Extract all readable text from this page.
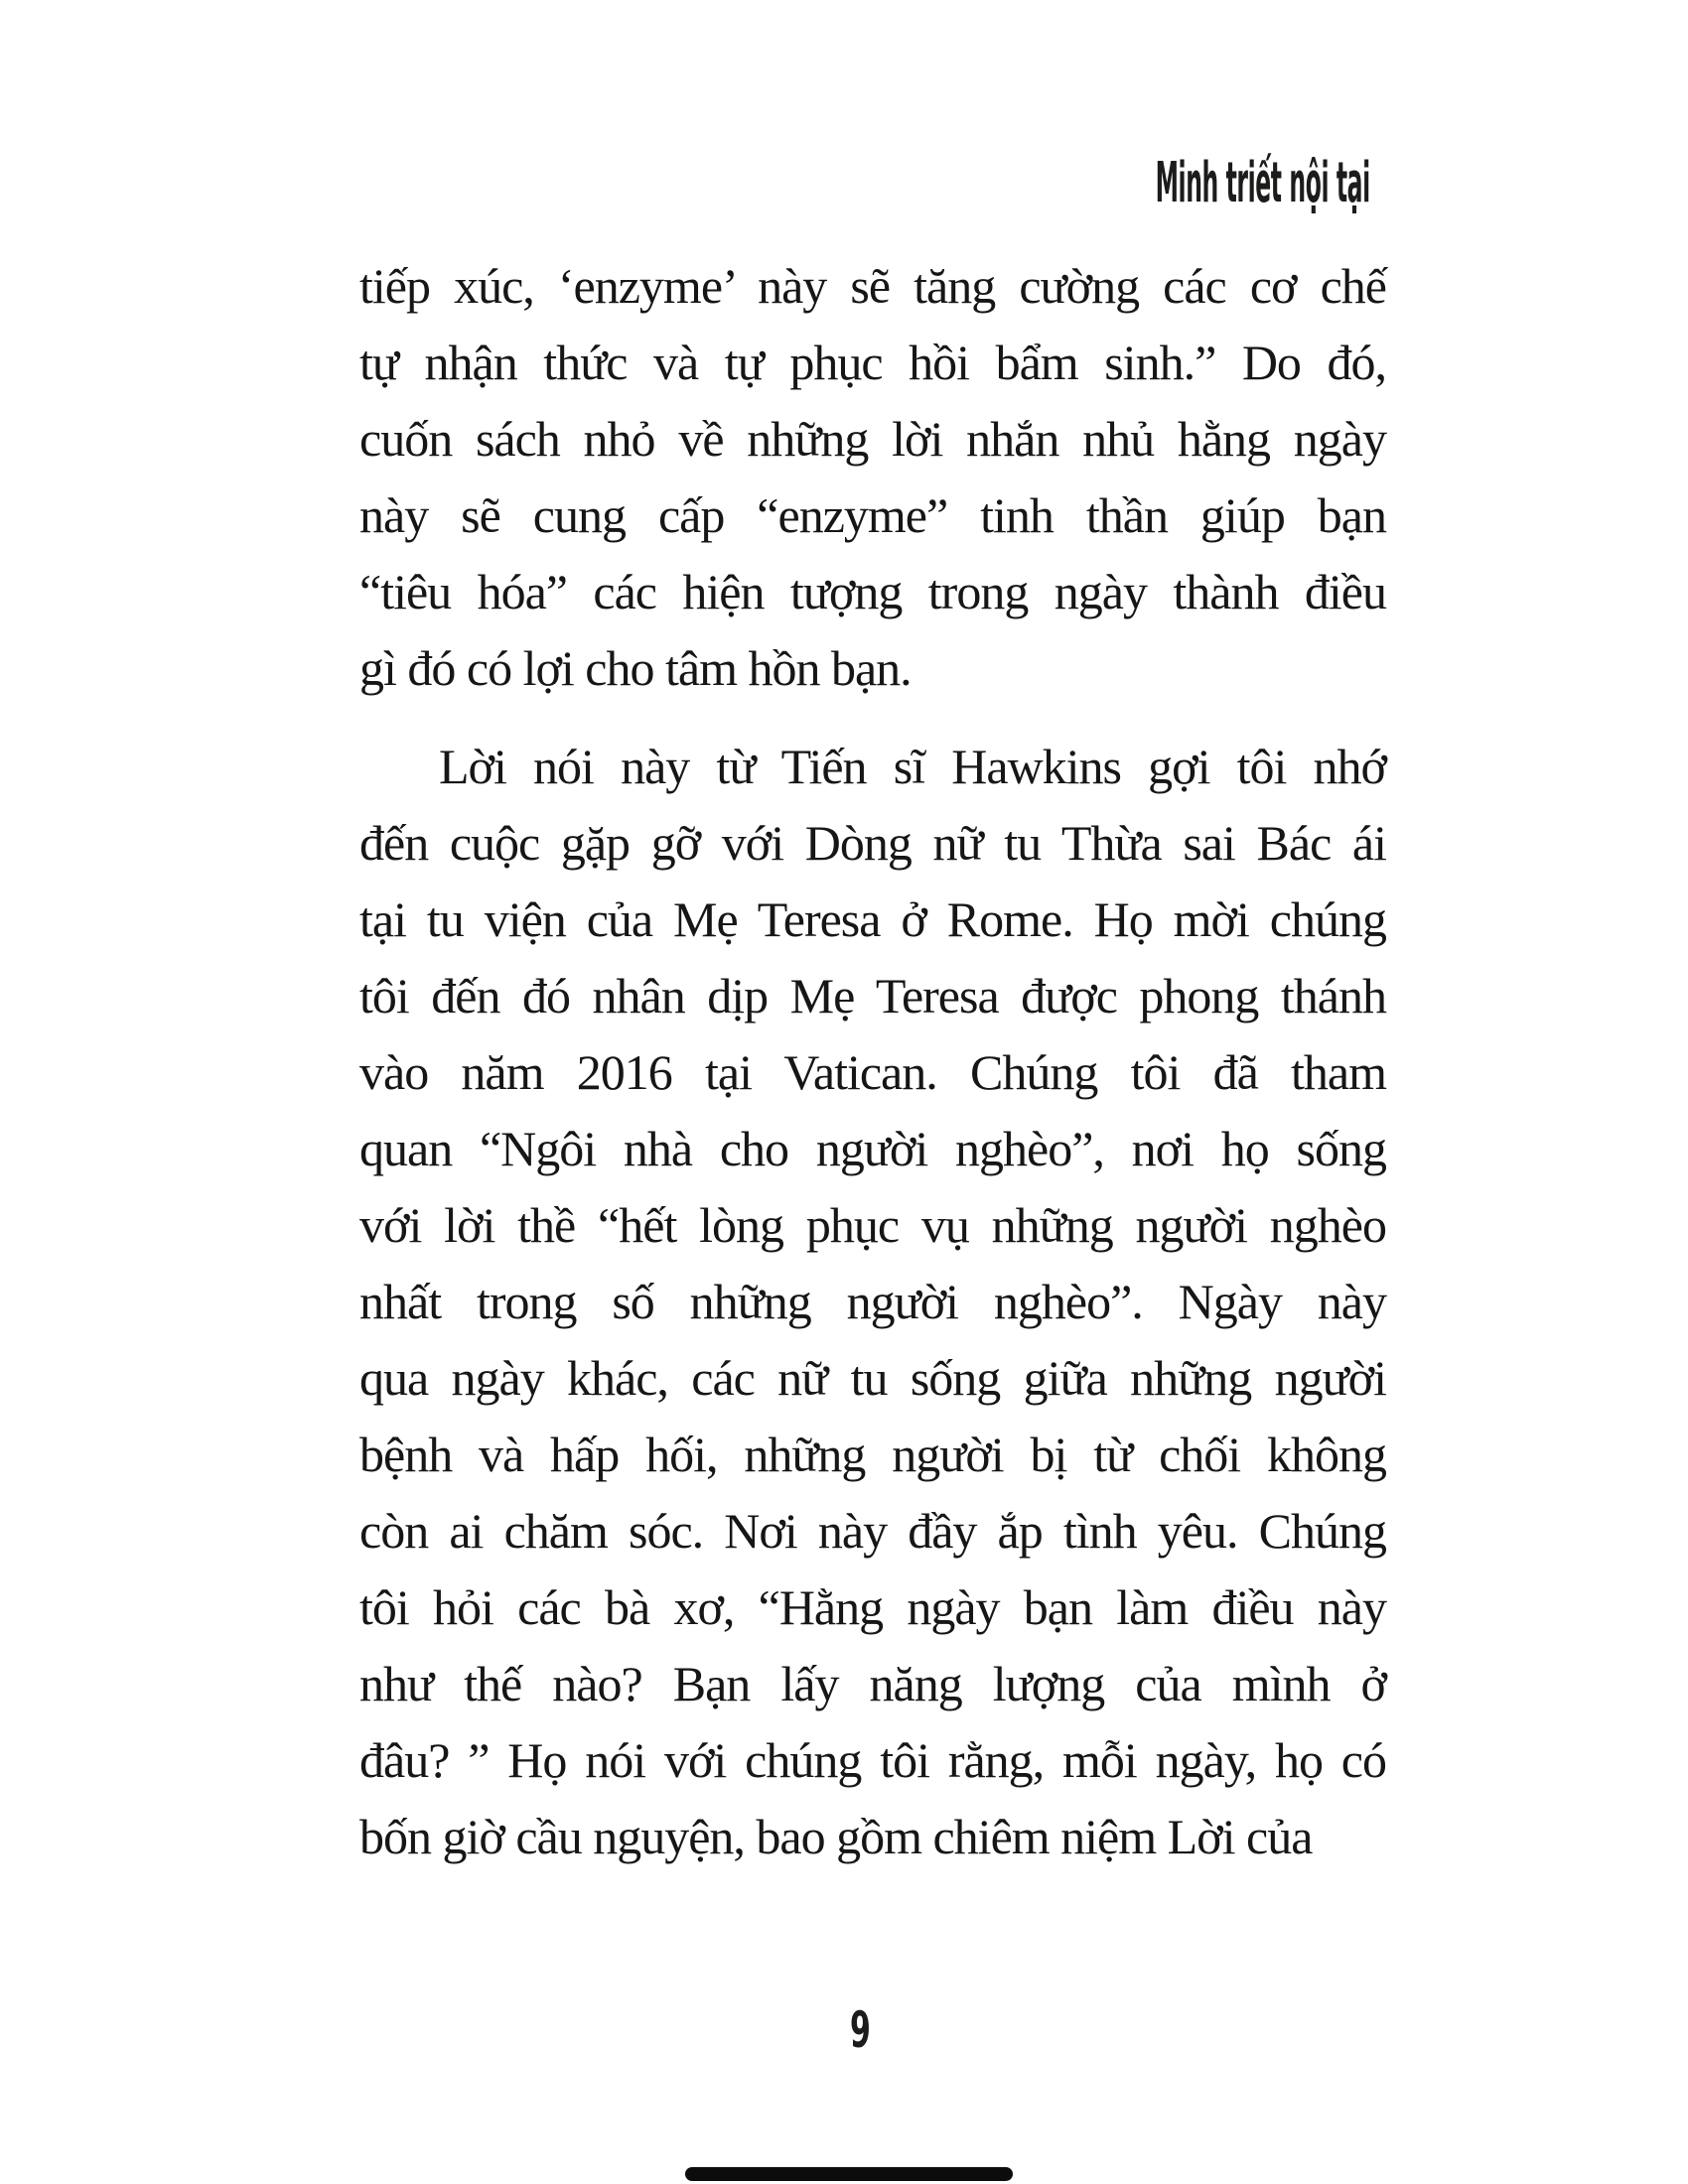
Minh triết nội tại
tiếp xúc, ‘enzyme’ này sẽ tăng cường các cơ chế
tự nhận thức và tự phục hồi bẩm sinh.” Do đó,
cuốn sách nhỏ về những lời nhắn nhủ hằng ngày
này sẽ cung cấp “enzyme” tinh thần giúp bạn
“tiêu hóa” các hiện tượng trong ngày thành điều
gì đó có lợi cho tâm hồn bạn.
Lời nói này từ Tiến sĩ Hawkins gợi tôi nhớ
đến cuộc gặp gỡ với Dòng nữ tu Thừa sai Bác ái
tại tu viện của Mẹ Teresa ở Rome. Họ mời chúng
tôi đến đó nhân dịp Mẹ Teresa được phong thánh
vào năm 2016 tại Vatican. Chúng tôi đã tham
quan “Ngôi nhà cho người nghèo”, nơi họ sống
với lời thề “hết lòng phục vụ những người nghèo
nhất trong số những người nghèo”. Ngày này
qua ngày khác, các nữ tu sống giữa những người
bệnh và hấp hối, những người bị từ chối không
còn ai chăm sóc. Nơi này đầy ắp tình yêu. Chúng
tôi hỏi các bà xơ, “Hằng ngày bạn làm điều này
như thế nào? Bạn lấy năng lượng của mình ở
đâu? ” Họ nói với chúng tôi rằng, mỗi ngày, họ có
bốn giờ cầu nguyện, bao gồm chiêm niệm Lời của
9
